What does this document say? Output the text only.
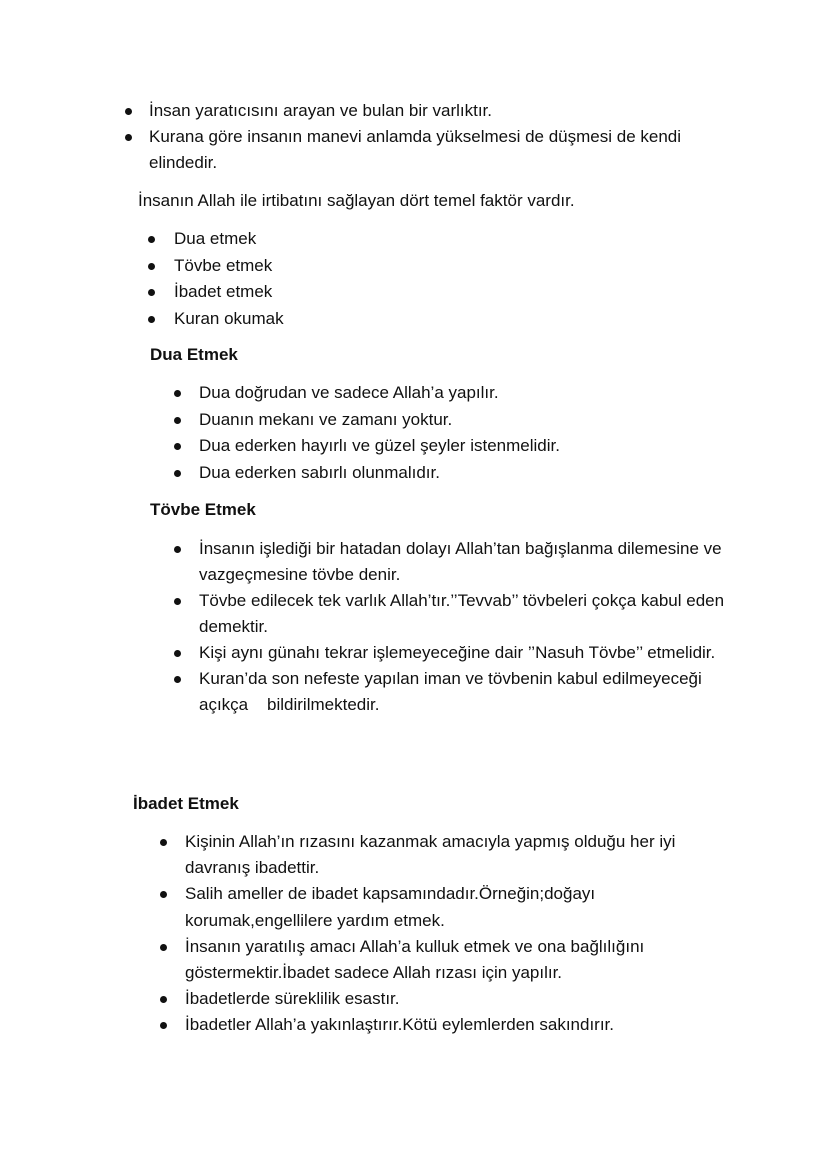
İnsan yaratıcısını arayan ve bulan bir varlıktır.
Kurana göre insanın manevi anlamda yükselmesi de düşmesi de kendi elindedir.
İnsanın Allah ile irtibatını sağlayan dört temel faktör vardır.
Dua etmek
Tövbe etmek
İbadet etmek
Kuran okumak
Dua Etmek
Dua doğrudan ve sadece Allah’a yapılır.
Duanın mekanı ve zamanı yoktur.
Dua ederken hayırlı ve güzel şeyler istenmelidir.
Dua ederken sabırlı olunmalıdır.
Tövbe Etmek
İnsanın işlediği bir hatadan dolayı Allah’tan bağışlanma dilemesine ve vazgeçmesine tövbe denir.
Tövbe edilecek tek varlık Allah’tır.’’Tevvab’’ tövbeleri çokça kabul eden demektir.
Kişi aynı günahı tekrar işlemeyeceğine dair ’’Nasuh Tövbe’’ etmelidir.
Kuran’da son nefeste yapılan iman ve tövbenin kabul edilmeyeceği açıkça    bildirilmektedir.
İbadet Etmek
Kişinin Allah’ın rızasını kazanmak amacıyla yapmış olduğu her iyi davranış ibadettir.
Salih ameller de ibadet kapsamındadır.Örneğin;doğayı korumak,engellilere yardım etmek.
İnsanın yaratılış amacı Allah’a kulluk etmek ve ona bağlılığını göstermektir.İbadet sadece Allah rızası için yapılır.
İbadetlerde süreklilik esastır.
İbadetler Allah’a yakınlaştırır.Kötü eylemlerden sakındırır.
